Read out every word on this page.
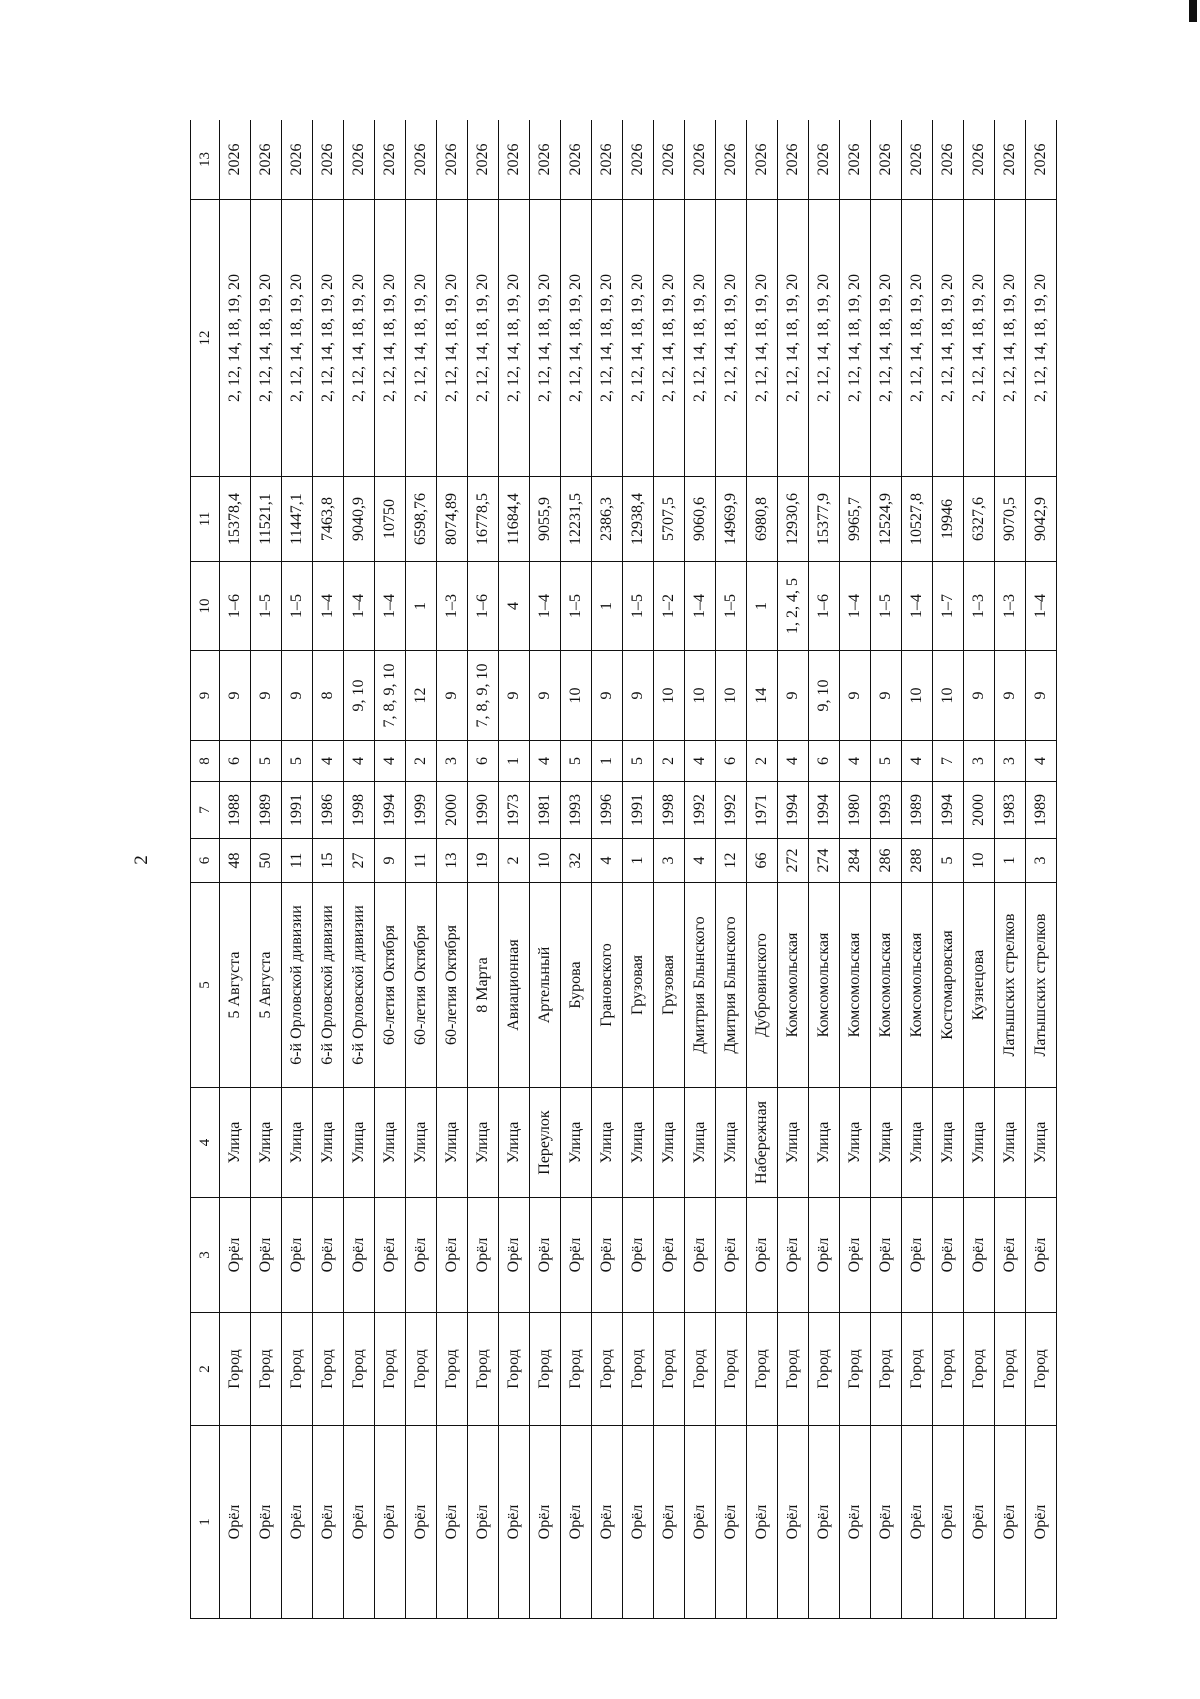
2
1	2	3	4	5	6	7	8	9	10	11	12	13
Орёл	Город	Орёл	Улица	5 Августа	48	1988	6	9	1–6	15378,4	2, 12, 14, 18, 19, 20	2026
Орёл	Город	Орёл	Улица	5 Августа	50	1989	5	9	1–5	11521,1	2, 12, 14, 18, 19, 20	2026
Орёл	Город	Орёл	Улица	6-й Орловской дивизии	11	1991	5	9	1–5	11447,1	2, 12, 14, 18, 19, 20	2026
Орёл	Город	Орёл	Улица	6-й Орловской дивизии	15	1986	4	8	1–4	7463,8	2, 12, 14, 18, 19, 20	2026
Орёл	Город	Орёл	Улица	6-й Орловской дивизии	27	1998	4	9, 10	1–4	9040,9	2, 12, 14, 18, 19, 20	2026
Орёл	Город	Орёл	Улица	60-летия Октября	9	1994	4	7, 8, 9, 10	1–4	10750	2, 12, 14, 18, 19, 20	2026
Орёл	Город	Орёл	Улица	60-летия Октября	11	1999	2	12	1	6598,76	2, 12, 14, 18, 19, 20	2026
Орёл	Город	Орёл	Улица	60-летия Октября	13	2000	3	9	1–3	8074,89	2, 12, 14, 18, 19, 20	2026
Орёл	Город	Орёл	Улица	8 Марта	19	1990	6	7, 8, 9, 10	1–6	16778,5	2, 12, 14, 18, 19, 20	2026
Орёл	Город	Орёл	Улица	Авиационная	2	1973	1	9	4	11684,4	2, 12, 14, 18, 19, 20	2026
Орёл	Город	Орёл	Переулок	Артельный	10	1981	4	9	1–4	9055,9	2, 12, 14, 18, 19, 20	2026
Орёл	Город	Орёл	Улица	Бурова	32	1993	5	10	1–5	12231,5	2, 12, 14, 18, 19, 20	2026
Орёл	Город	Орёл	Улица	Грановского	4	1996	1	9	1	2386,3	2, 12, 14, 18, 19, 20	2026
Орёл	Город	Орёл	Улица	Грузовая	1	1991	5	9	1–5	12938,4	2, 12, 14, 18, 19, 20	2026
Орёл	Город	Орёл	Улица	Грузовая	3	1998	2	10	1–2	5707,5	2, 12, 14, 18, 19, 20	2026
Орёл	Город	Орёл	Улица	Дмитрия Блынского	4	1992	4	10	1–4	9060,6	2, 12, 14, 18, 19, 20	2026
Орёл	Город	Орёл	Улица	Дмитрия Блынского	12	1992	6	10	1–5	14969,9	2, 12, 14, 18, 19, 20	2026
Орёл	Город	Орёл	Набережная	Дубровинского	66	1971	2	14	1	6980,8	2, 12, 14, 18, 19, 20	2026
Орёл	Город	Орёл	Улица	Комсомольская	272	1994	4	9	1, 2, 4, 5	12930,6	2, 12, 14, 18, 19, 20	2026
Орёл	Город	Орёл	Улица	Комсомольская	274	1994	6	9, 10	1–6	15377,9	2, 12, 14, 18, 19, 20	2026
Орёл	Город	Орёл	Улица	Комсомольская	284	1980	4	9	1–4	9965,7	2, 12, 14, 18, 19, 20	2026
Орёл	Город	Орёл	Улица	Комсомольская	286	1993	5	9	1–5	12524,9	2, 12, 14, 18, 19, 20	2026
Орёл	Город	Орёл	Улица	Комсомольская	288	1989	4	10	1–4	10527,8	2, 12, 14, 18, 19, 20	2026
Орёл	Город	Орёл	Улица	Костомаровская	5	1994	7	10	1–7	19946	2, 12, 14, 18, 19, 20	2026
Орёл	Город	Орёл	Улица	Кузнецова	10	2000	3	9	1–3	6327,6	2, 12, 14, 18, 19, 20	2026
Орёл	Город	Орёл	Улица	Латышских стрелков	1	1983	3	9	1–3	9070,5	2, 12, 14, 18, 19, 20	2026
Орёл	Город	Орёл	Улица	Латышских стрелков	3	1989	4	9	1–4	9042,9	2, 12, 14, 18, 19, 20	2026
